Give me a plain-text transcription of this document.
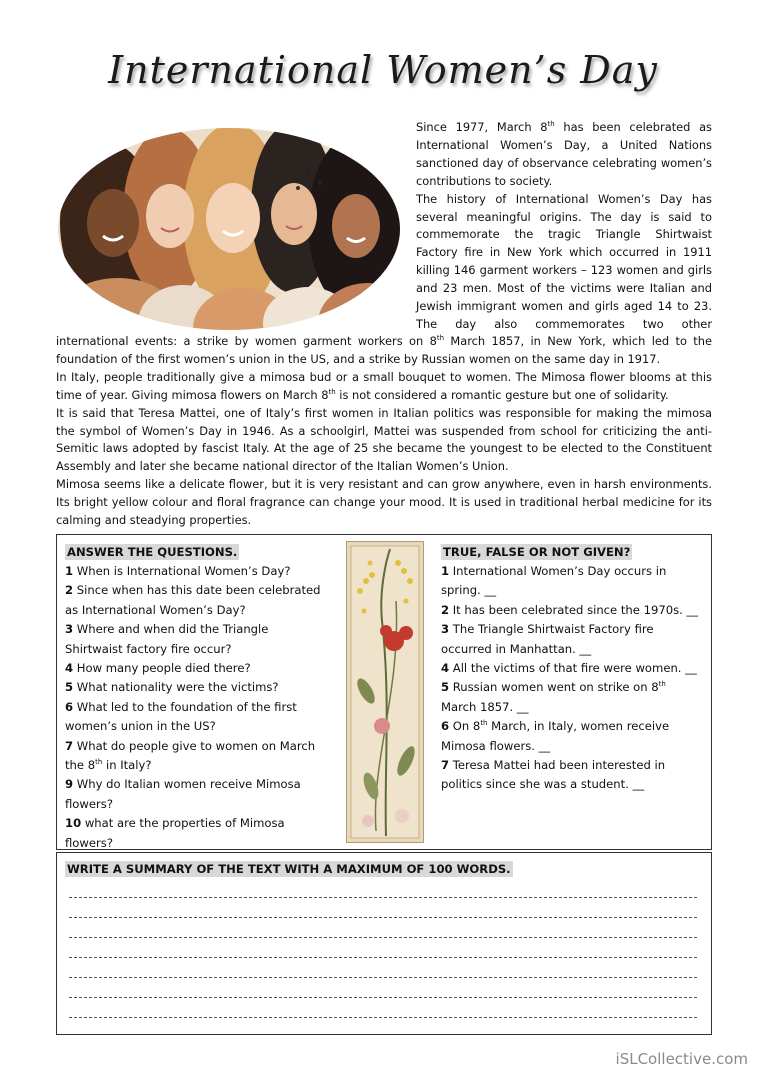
International Women’s Day

Since 1977, March 8th has been celebrated as International Women’s Day, a United Nations sanctioned day of observance celebrating women’s contributions to society.

The history of International Women’s Day has several meaningful origins. The day is said to commemorate the tragic Triangle Shirtwaist Factory fire in New York which occurred in 1911 killing 146 garment workers – 123 women and girls and 23 men. Most of the victims were Italian and Jewish immigrant women and girls aged 14 to 23. The day also commemorates two other

international events: a strike by women garment workers on 8th March 1857, in New York, which led to the foundation of the first women’s union in the US, and a strike by Russian women on the same day in 1917.

In Italy, people traditionally give a mimosa bud or a small bouquet to women. The Mimosa flower blooms at this time of year. Giving mimosa flowers on March 8th is not considered a romantic gesture but one of solidarity.

It is said that Teresa Mattei, one of Italy’s first women in Italian politics was responsible for making the mimosa the symbol of Women’s Day in 1946. As a schoolgirl, Mattei was suspended from school for criticizing the anti-Semitic laws adopted by fascist Italy. At the age of 25 she became the youngest to be elected to the Constituent Assembly and later she became national director of the Italian Women’s Union.

Mimosa seems like a delicate flower, but it is very resistant and can grow anywhere, even in harsh environments. Its bright yellow colour and floral fragrance can change your mood. It is used in traditional herbal medicine for its calming and steadying properties.

ANSWER THE QUESTIONS.
1 When is International Women’s Day?
2 Since when has this date been celebrated as International Women’s Day?
3 Where and when did the Triangle Shirtwaist factory fire occur?
4 How many people died there?
5 What nationality were the victims?
6 What led to the foundation of the first women’s union in the US?
7 What do people give to women on March the 8th in Italy?
9 Why do Italian women receive Mimosa flowers?
10 what are the properties of Mimosa flowers?
TRUE, FALSE OR NOT GIVEN?
1 International Women’s Day occurs in spring. __
2 It has been celebrated since the 1970s. __
3 The Triangle Shirtwaist Factory fire occurred in Manhattan. __
4 All the victims of that fire were women. __
5 Russian women went on strike on 8th March 1857. __
6 On 8th March, in Italy, women receive Mimosa flowers. __
7 Teresa Mattei had been interested in politics since she was a student. __
WRITE A SUMMARY OF THE TEXT WITH A MAXIMUM OF 100 WORDS.
iSLCollective.com
